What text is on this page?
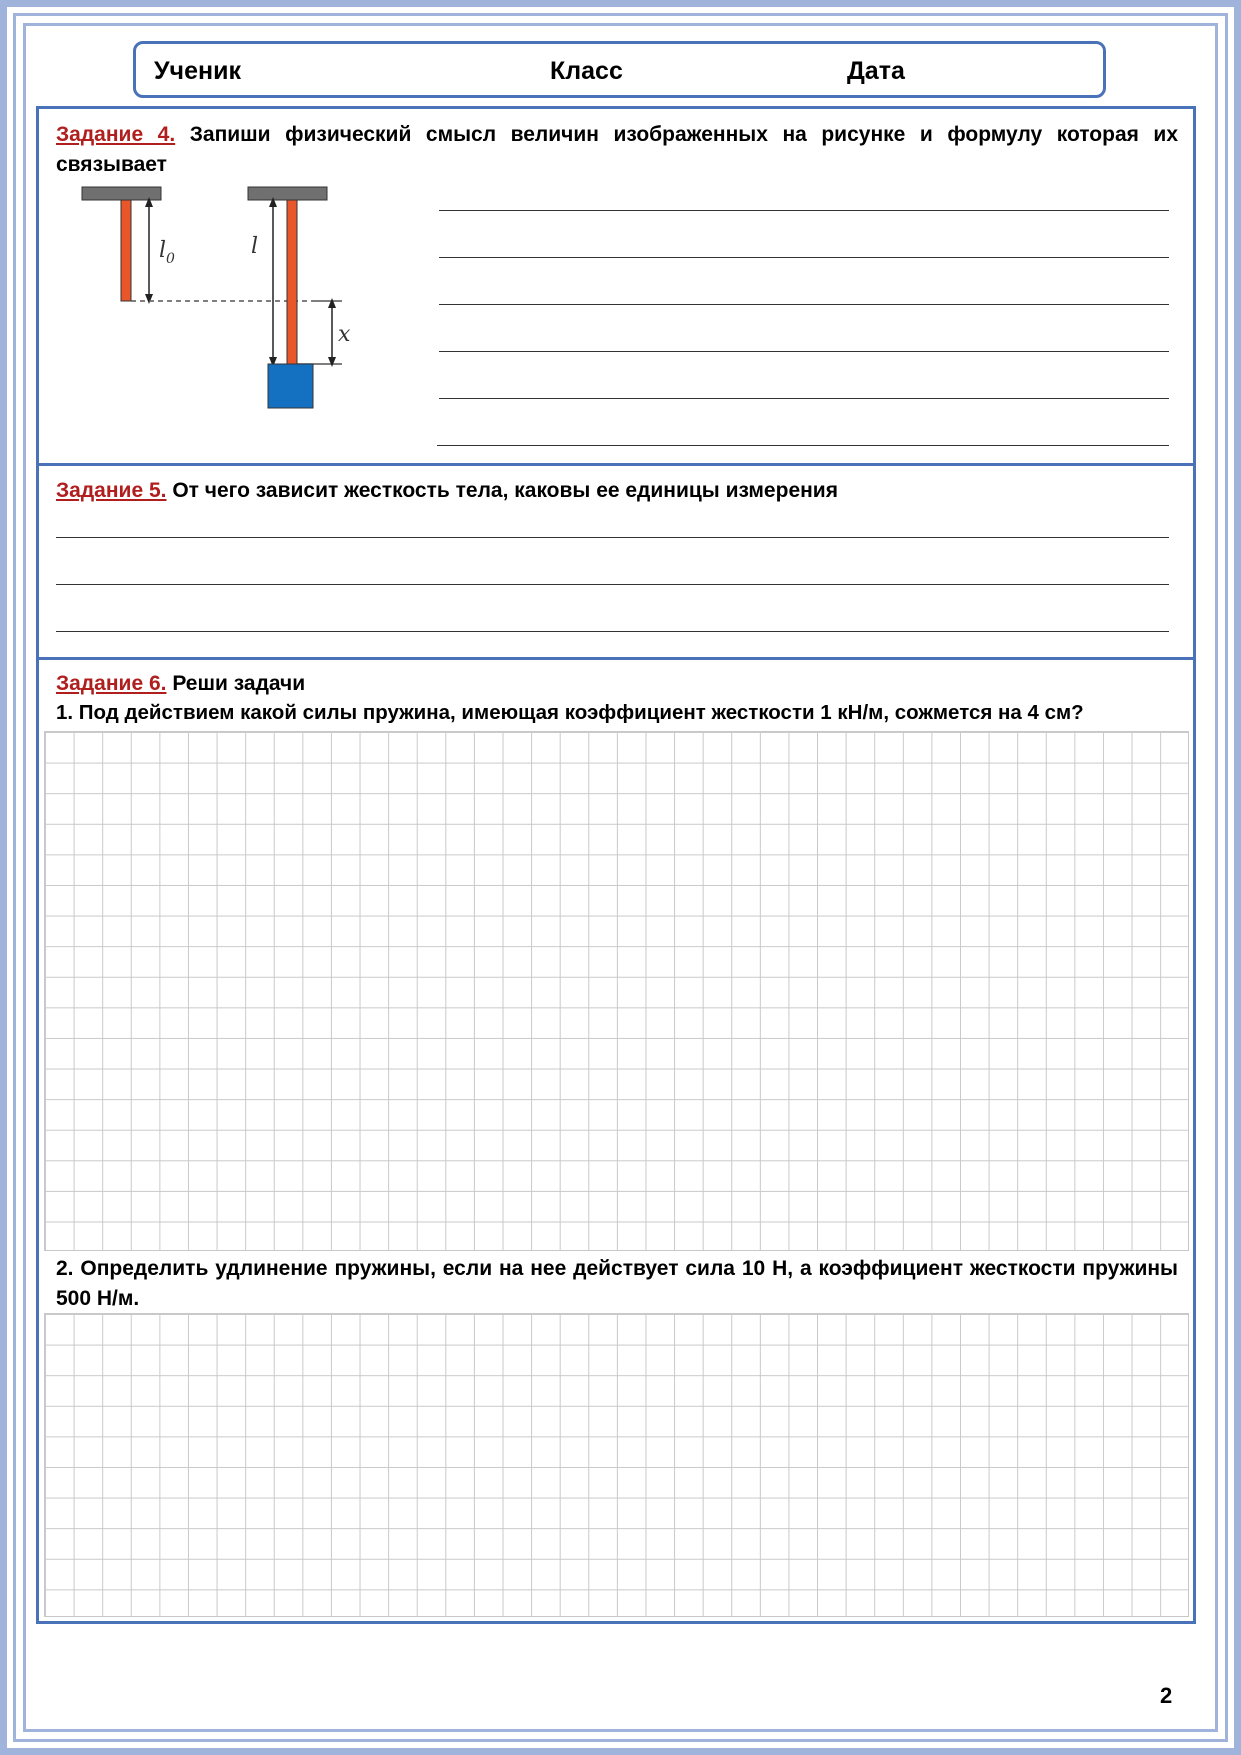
Ученик	Класс	Дата
Задание 4. Запиши физический смысл величин изображенных на рисунке и формулу которая их связывает
$l_0$	l
x
Задание 5. От чего зависит жесткость тела, каковы ее единицы измерения
Задание 6. Реши задачи
1. Под действием какой силы пружина, имеющая коэффициент жесткости 1 кН/м, сожмется на 4 см?
2. Определить удлинение пружины, если на нее действует сила 10 Н, а коэффициент жесткости пружины 500 Н/м.
2
